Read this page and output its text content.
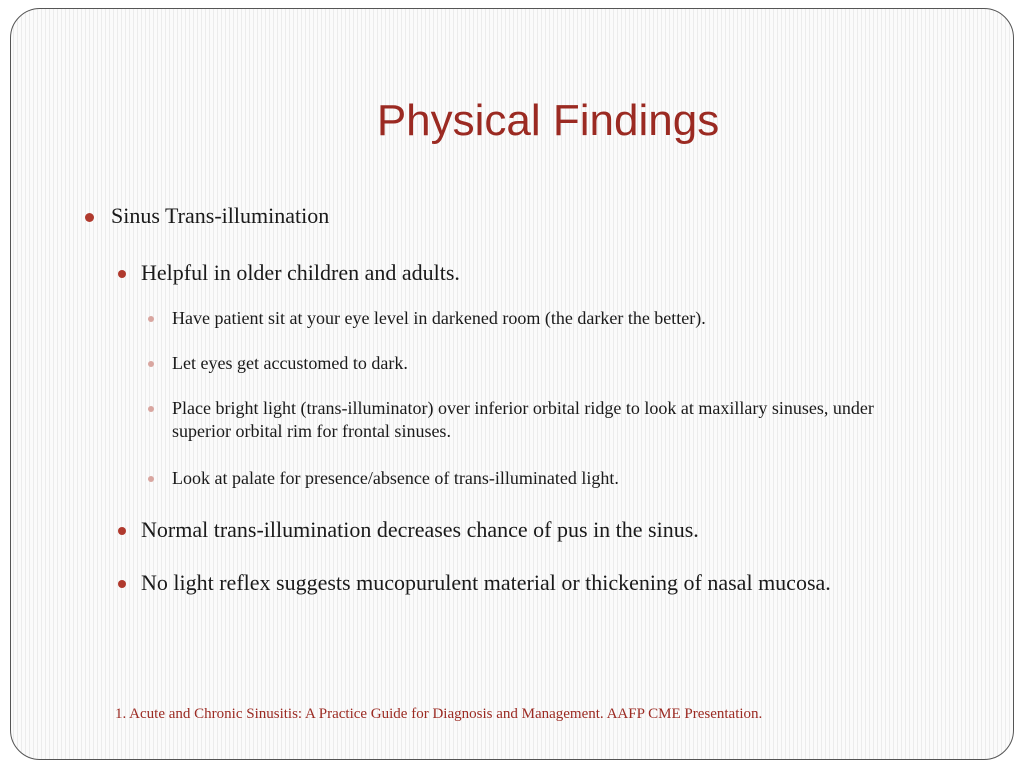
Physical Findings
Sinus Trans-illumination
Helpful in older children and adults.
Have patient sit at your eye level in darkened room (the darker the better).
Let eyes get accustomed to dark.
Place bright light (trans-illuminator) over inferior orbital ridge to look at maxillary sinuses, under superior orbital rim for frontal sinuses.
Look at palate for presence/absence of trans-illuminated light.
Normal trans-illumination decreases chance of pus in the sinus.
No light reflex suggests mucopurulent material or thickening of nasal mucosa.
1. Acute and Chronic Sinusitis: A Practice Guide for Diagnosis and Management. AAFP CME Presentation.
